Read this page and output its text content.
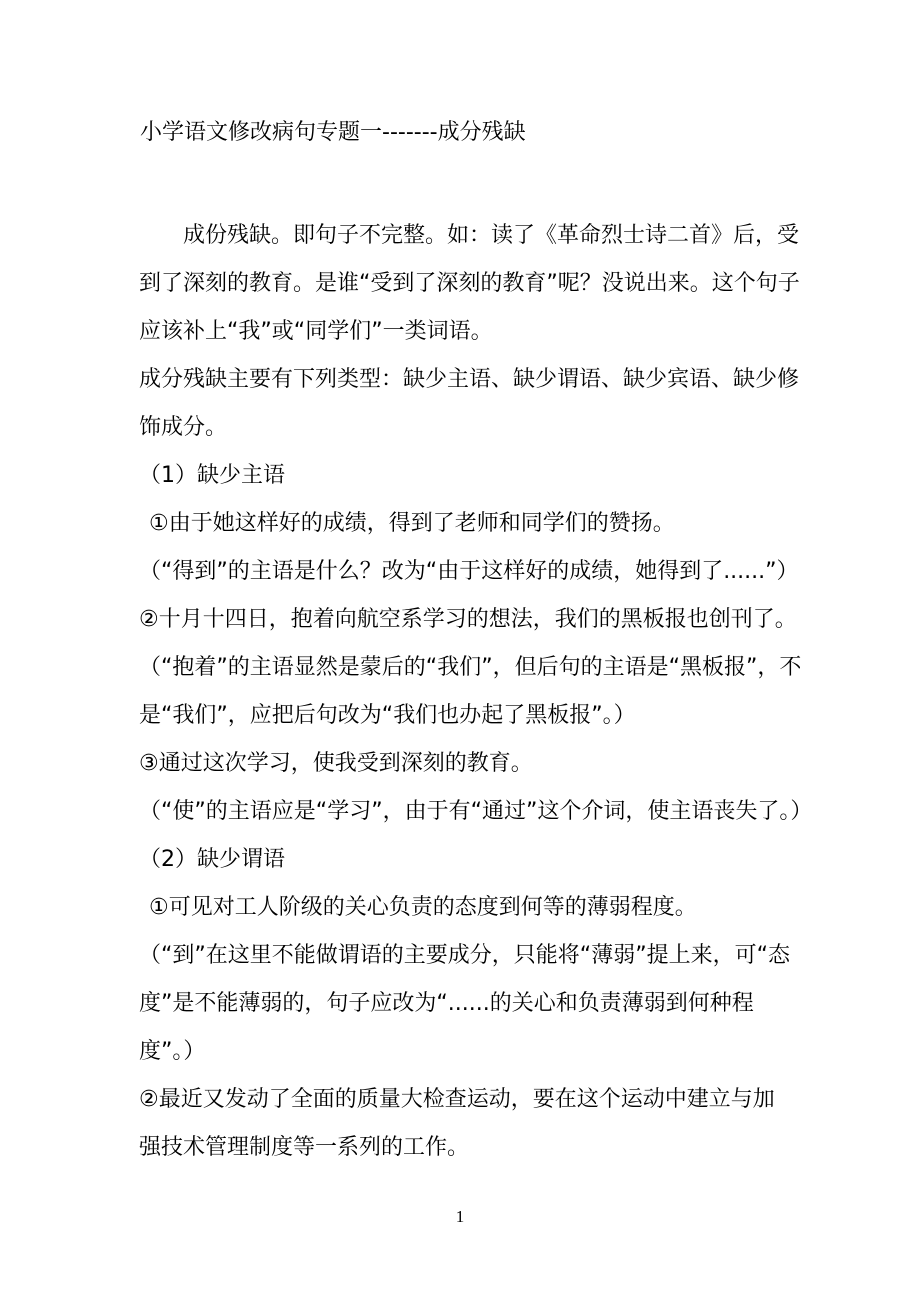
小学语文修改病句专题一-------成分残缺

成份残缺。即句子不完整。如：读了《革命烈士诗二首》后，受

到了深刻的教育。是谁“受到了深刻的教育”呢？没说出来。这个句子

应该补上“我”或“同学们”一类词语。

成分残缺主要有下列类型：缺少主语、缺少谓语、缺少宾语、缺少修

饰成分。

（1）缺少主语

①由于她这样好的成绩，得到了老师和同学们的赞扬。

（“得到”的主语是什么？改为“由于这样好的成绩，她得到了......”）

②十月十四日，抱着向航空系学习的想法，我们的黑板报也创刊了。

（“抱着”的主语显然是蒙后的“我们”，但后句的主语是“黑板报”，不

是“我们”，应把后句改为“我们也办起了黑板报”。）

③通过这次学习，使我受到深刻的教育。

（“使”的主语应是“学习”，由于有“通过”这个介词，使主语丧失了。）

（2）缺少谓语

①可见对工人阶级的关心负责的态度到何等的薄弱程度。

（“到”在这里不能做谓语的主要成分，只能将“薄弱”提上来，可“态

度”是不能薄弱的，句子应改为“......的关心和负责薄弱到何种程

度”。）

②最近又发动了全面的质量大检查运动，要在这个运动中建立与加

强技术管理制度等一系列的工作。

1
